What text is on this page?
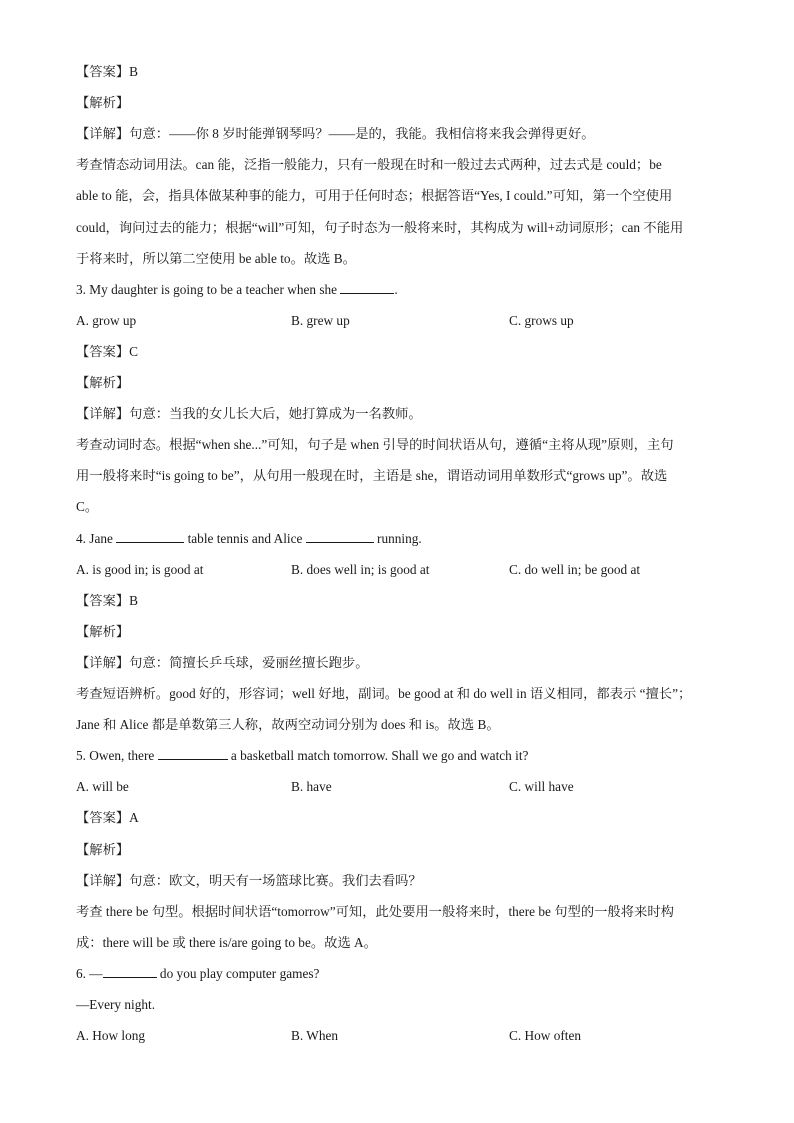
【答案】B
【解析】
【详解】句意：——你 8 岁时能弹钢琴吗？——是的，我能。我相信将来我会弹得更好。
考查情态动词用法。can 能，泛指一般能力，只有一般现在时和一般过去式两种，过去式是 could；be
able to 能，会，指具体做某种事的能力，可用于任何时态；根据答语“Yes, I could.”可知，第一个空使用
could，询问过去的能力；根据“will”可知，句子时态为一般将来时，其构成为 will+动词原形；can 不能用
于将来时，所以第二空使用 be able to。故选 B。
3. My daughter is going to be a teacher when she	.
A. grow up	B. grew up	C. grows up
【答案】C
【解析】
【详解】句意：当我的女儿长大后，她打算成为一名教师。
考查动词时态。根据“when she...”可知，句子是 when 引导的时间状语从句，遵循“主将从现”原则，主句
用一般将来时“is going to be”，从句用一般现在时，主语是 she，谓语动词用单数形式“grows up”。故选
C。
4. Jane	table tennis and Alice	running.
A. is good in; is good at	B. does well in; is good at	C. do well in; be good at
【答案】B
【解析】
【详解】句意：简擅长乒乓球，爱丽丝擅长跑步。
考查短语辨析。good 好的，形容词；well 好地，副词。be good at 和 do well in 语义相同，都表示 “擅长”；
Jane 和 Alice 都是单数第三人称，故两空动词分别为 does 和 is。故选 B。
5. Owen, there	a basketball match tomorrow. Shall we go and watch it?
A. will be	B. have	C. will have
【答案】A
【解析】
【详解】句意：欧文，明天有一场篮球比赛。我们去看吗？
考查 there be 句型。根据时间状语“tomorrow”可知，此处要用一般将来时，there be 句型的一般将来时构
成：there will be 或 there is/are going to be。故选 A。
6. —	do you play computer games?
—Every night.
A. How long	B. When	C. How often
